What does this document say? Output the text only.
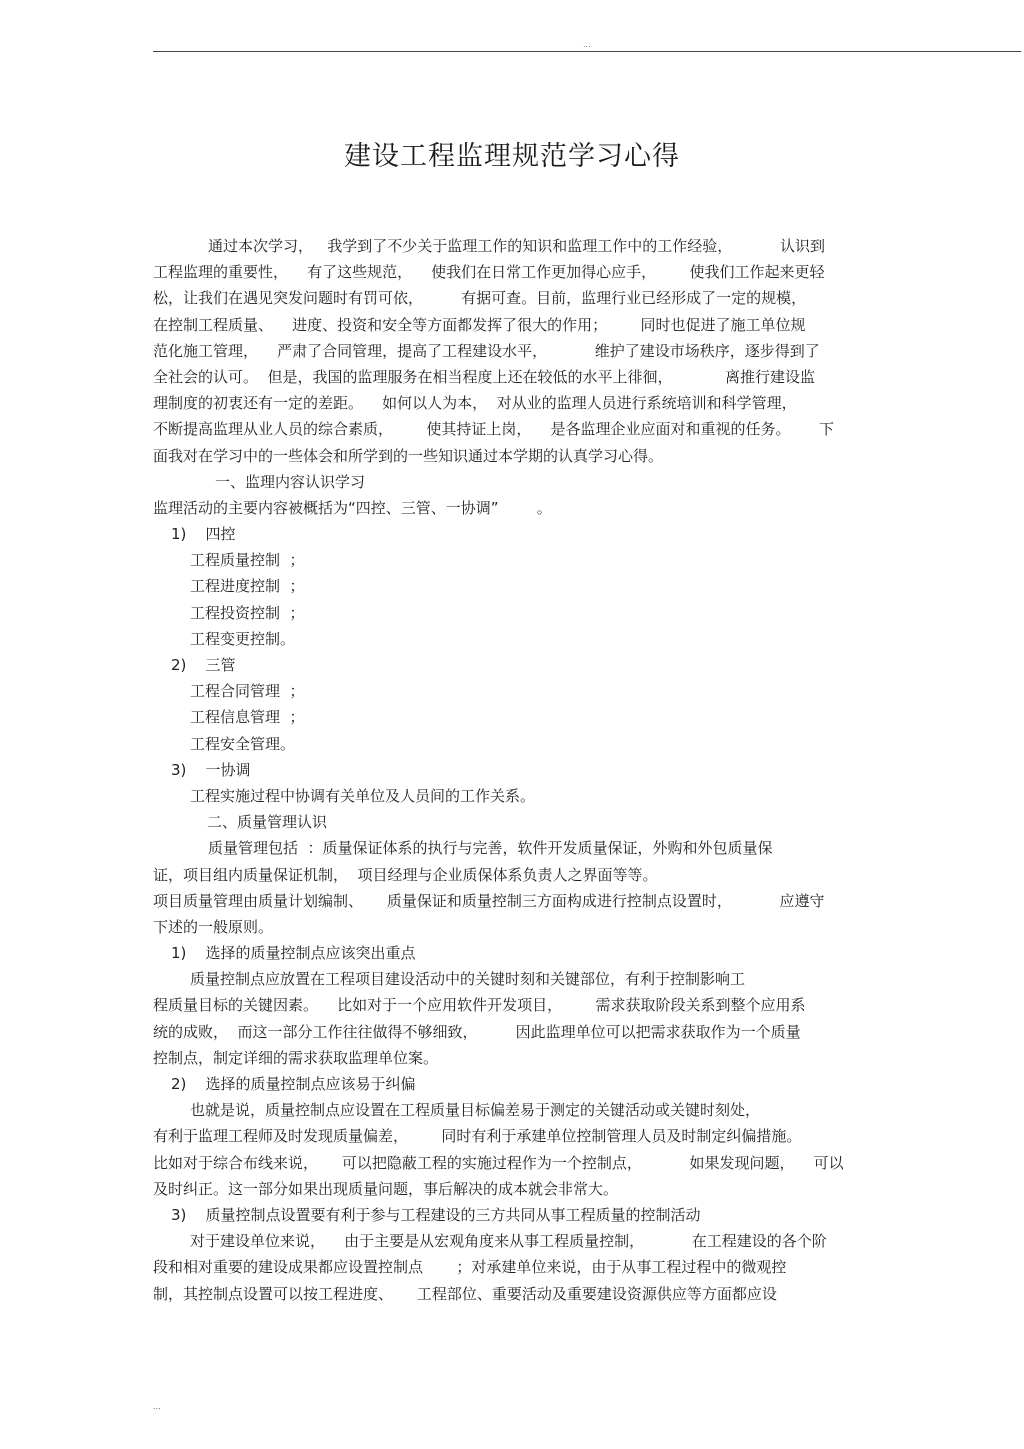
...
建设工程监理规范学习心得
通过本次学习，   我学到了不少关于监理工作的知识和监理工作中的工作经验，          认识到
工程监理的重要性，    有了这些规范，    使我们在日常工作更加得心应手，       使我们工作起来更轻
松，让我们在遇见突发问题时有罚可依，        有据可查。目前，监理行业已经形成了一定的规模，
在控制工程质量、    进度、投资和安全等方面都发挥了很大的作用；       同时也促进了施工单位规
范化施工管理，    严肃了合同管理，提高了工程建设水平，          维护了建设市场秩序，逐步得到了
全社会的认可。  但是，我国的监理服务在相当程度上还在较低的水平上徘徊，           离推行建设监
理制度的初衷还有一定的差距。    如何以人为本，  对从业的监理人员进行系统培训和科学管理，
不断提高监理从业人员的综合素质，       使其持证上岗，    是各监理企业应面对和重视的任务。      下
面我对在学习中的一些体会和所学到的一些知识通过本学期的认真学习心得。
一、监理内容认识学习
监理活动的主要内容被概括为“四控、三管、一协调”        。
1)    四控
工程质量控制  ；
工程进度控制  ；
工程投资控制  ；
工程变更控制。
2)    三管
工程合同管理  ；
工程信息管理  ；
工程安全管理。
3)    一协调
工程实施过程中协调有关单位及人员间的工作关系。
二、质量管理认识
质量管理包括  ：质量保证体系的执行与完善，软件开发质量保证，外购和外包质量保
证，项目组内质量保证机制，  项目经理与企业质保体系负责人之界面等等。
项目质量管理由质量计划编制、     质量保证和质量控制三方面构成进行控制点设置时，          应遵守
下述的一般原则。
1)    选择的质量控制点应该突出重点
质量控制点应放置在工程项目建设活动中的关键时刻和关键部位，有利于控制影响工
程质量目标的关键因素。    比如对于一个应用软件开发项目，       需求获取阶段关系到整个应用系
统的成败，  而这一部分工作往往做得不够细致，        因此监理单位可以把需求获取作为一个质量
控制点，制定详细的需求获取监理单位案。
2)    选择的质量控制点应该易于纠偏
也就是说，质量控制点应设置在工程质量目标偏差易于测定的关键活动或关键时刻处，
有利于监理工程师及时发现质量偏差，       同时有利于承建单位控制管理人员及时制定纠偏措施。
比如对于综合布线来说，     可以把隐蔽工程的实施过程作为一个控制点，          如果发现问题，    可以
及时纠正。这一部分如果出现质量问题，事后解决的成本就会非常大。
3)    质量控制点设置要有利于参与工程建设的三方共同从事工程质量的控制活动
对于建设单位来说，    由于主要是从宏观角度来从事工程质量控制，          在工程建设的各个阶
段和相对重要的建设成果都应设置控制点       ；对承建单位来说，由于从事工程过程中的微观控
制，其控制点设置可以按工程进度、     工程部位、重要活动及重要建设资源供应等方面都应设
...
